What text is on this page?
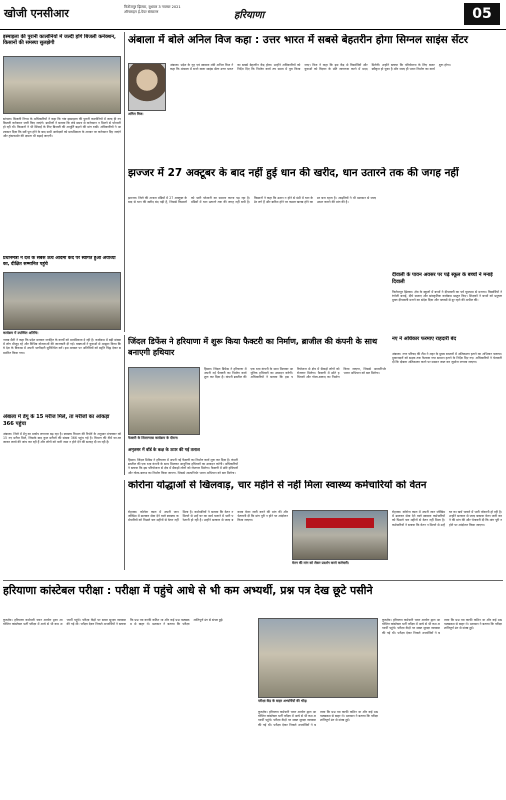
खोजी एनसीआर	फिरोजपुर झिरका, बुधवार 3 नवम्बर 2021
ऑनलाइन ई-पेपर संस्करण	हरियाणा	05
इस्माइला की पुरानी कालोनियों में जल्दी होंगे बिजली कनेक्शन, किसानों की समस्या सुलझेगी
सांपला। बिजली निगम के अधिकारियों ने कहा कि गांव इस्माइला की पुरानी कालोनियों में जल्द ही नए बिजली कनेक्शन जारी किए जाएंगे। ग्रामीणों ने बताया कि लंबे समय से कनेक्शन न मिलने से परेशानी हो रही थी। किसानों ने भी सिंचाई के लिए बिजली की आपूर्ति बढ़ाने की मांग रखी। अधिकारियों ने आश्वासन दिया कि सर्वे पूरा होने के बाद सभी आवेदकों को प्राथमिकता के आधार पर कनेक्शन दिए जाएंगे और ट्रांसफार्मर की क्षमता भी बढ़ाई जाएगी।
अंबाला में बोले अनिल विज कहा : उत्तर भारत में सबसे बेहतरीन होगा सिग्नल साइंस सेंटर
अनिल विज।
अंबाला। प्रदेश के गृह एवं स्वास्थ्य मंत्री अनिल विज ने कहा कि अंबाला में बनने वाला साइंस सेंटर उत्तर भारत का सबसे बेहतरीन केंद्र होगा। उन्होंने अधिकारियों को निर्देश दिए कि निर्माण कार्य तय समय में पूरा किया जाए। विज ने कहा कि इस केंद्र से विद्यार्थियों और युवाओं को विज्ञान के प्रति जागरूक करने में मदद मिलेगी। उन्होंने बताया कि परियोजना के लिए बजट स्वीकृत हो चुका है और जल्द ही भवन निर्माण का कार्य शुरू होगा।
प्रधानमंत्री ने देश के सबसे ऊंचे आदमी कद पर स्वागत हुआ अयोध्या का, दीक्षित सम्मानित पहुंचे
कार्यक्रम में उपस्थित अतिथि।
नायब सैनी ने कहा कि प्रदेश सरकार जनहित के कार्यों को प्राथमिकता दे रही है। कार्यक्रम में बड़ी संख्या में लोग मौजूद रहे और विभिन्न योजनाओं की जानकारी दी गई। वक्ताओं ने युवाओं से आह्वान किया कि वे देश के विकास में अपनी भागीदारी सुनिश्चित करें। इस अवसर पर अतिथियों को स्मृति चिह्न देकर सम्मानित किया गया।
झज्जर में 27 अक्टूबर के बाद नहीं हुई धान की खरीद, धान उतारने तक की जगह नहीं
झज्जर। जिले की अनाज मंडियों में 27 अक्टूबर के बाद से धान की खरीद बंद पड़ी है, जिससे किसानों को भारी परेशानी का सामना करना पड़ रहा है। मंडियों में धान उतारने तक की जगह नहीं बची है। किसानों ने कहा कि उठान न होने से मंडी में धान के ढेर लगे हैं और बारिश होने पर फसल खराब होने का डर बना रहता है। आढ़तियों ने भी प्रशासन से जल्द उठान कराने की मांग की है।
दीवाली के पावन अवसर पर पढ़े स्कूल के बच्चों ने मनाई दिवाली
फिरोजपुर झिरका। क्षेत्र के स्कूलों में बच्चों ने दीपावली का पर्व धूमधाम से मनाया। विद्यार्थियों ने रंगोली बनाई, दीये सजाए और सांस्कृतिक कार्यक्रम प्रस्तुत किए। शिक्षकों ने बच्चों को प्रदूषण मुक्त दीपावली मनाने का संदेश दिया और पटाखों से दूर रहने की अपील की।
जिंदल डिफेंस ने हरियाणा में शुरू किया फैक्टरी का निर्माण, ब्राजील की कंपनी के साथ बनाएगी हथियार
फैक्टरी के शिलान्यास कार्यक्रम के दौरान।
हिसार। जिंदल डिफेंस ने हरियाणा में अपनी नई फैक्टरी का निर्माण कार्य शुरू कर दिया है। कंपनी ब्राजील की एक रक्षा कंपनी के साथ मिलकर आधुनिक हथियारों का उत्पादन करेगी। अधिकारियों ने बताया कि इस परियोजना से क्षेत्र में सैकड़ों लोगों को रोजगार मिलेगा। फैक्टरी में छोटे हथियारों और गोला-बारूद का निर्माण किया जाएगा, जिससे आत्मनिर्भर भारत अभियान को बल मिलेगा।
अमृतसर में वॉर्ड के कक्ष के ऊपर की गई तलाश
हिसार। जिंदल डिफेंस ने हरियाणा में अपनी नई फैक्टरी का निर्माण कार्य शुरू कर दिया है। कंपनी ब्राजील की एक रक्षा कंपनी के साथ मिलकर आधुनिक हथियारों का उत्पादन करेगी। अधिकारियों ने बताया कि इस परियोजना से क्षेत्र में सैकड़ों लोगों को रोजगार मिलेगा। फैक्टरी में छोटे हथियारों और गोला-बारूद का निर्माण किया जाएगा, जिससे आत्मनिर्भर भारत अभियान को बल मिलेगा।
नए ने अधिकार फरमाए राहदारी बंद
अंबाला। नगर परिषद की टीम ने शहर के मुख्य बाजारों में अतिक्रमण हटाने का अभियान चलाया। दुकानदारों को सड़क तक फैलाया गया सामान हटाने के निर्देश दिए गए। अधिकारियों ने चेतावनी दी कि दोबारा अतिक्रमण करने पर सामान जब्त कर जुर्माना लगाया जाएगा।
कोरोना योद्धाओं से खिलवाड़, चार महीने से नहीं मिला स्वास्थ्य कर्मचारियों को वेतन
रोहतक। कोरोना काल में अपनी जान जोखिम में डालकर सेवा देने वाले स्वास्थ्य कर्मचारियों को पिछले चार महीनों से वेतन नहीं मिला है। कर्मचारियों ने बताया कि वेतन न मिलने से उन्हें घर का खर्च चलाने में भारी परेशानी हो रही है। उन्होंने सरकार से जल्द बकाया वेतन जारी करने की मांग की और चेतावनी दी कि मांग पूरी न होने पर आंदोलन किया जाएगा।
वेतन की मांग को लेकर प्रदर्शन करते कर्मचारी।
रोहतक। कोरोना काल में अपनी जान जोखिम में डालकर सेवा देने वाले स्वास्थ्य कर्मचारियों को पिछले चार महीनों से वेतन नहीं मिला है। कर्मचारियों ने बताया कि वेतन न मिलने से उन्हें घर का खर्च चलाने में भारी परेशानी हो रही है। उन्होंने सरकार से जल्द बकाया वेतन जारी करने की मांग की और चेतावनी दी कि मांग पूरी न होने पर आंदोलन किया जाएगा।
अंबाला में डेंगू के 15 मरीज मिले, ता मरीजों का आंकड़ा 366 पहुंचा
अंबाला। जिले में डेंगू का प्रकोप लगातार बढ़ रहा है। स्वास्थ्य विभाग की रिपोर्ट के अनुसार मंगलवार को 15 नए मरीज मिले, जिसके बाद कुल मरीजों की संख्या 366 पहुंच गई है। विभाग की टीमें घर-घर जाकर लार्वा की जांच कर रही हैं और लोगों को पानी जमा न होने देने की सलाह दी जा रही है।
हरियाणा कांस्टेबल परीक्षा : परीक्षा में पहुंचे आधे से भी कम अभ्यर्थी, प्रश्न पत्र देख छूटे पसीने
कुरुक्षेत्र। हरियाणा कर्मचारी चयन आयोग द्वारा आयोजित कांस्टेबल भर्ती परीक्षा में आधे से भी कम अभ्यर्थी पहुंचे। परीक्षा केंद्रों पर सख्त सुरक्षा व्यवस्था की गई थी। परीक्षा देकर निकले अभ्यर्थियों ने बताया कि प्रश्न पत्र काफी कठिन था और कई प्रश्न पाठ्यक्रम से बाहर थे। प्रशासन ने बताया कि परीक्षा शांतिपूर्ण ढंग से संपन्न हुई।
परीक्षा केंद्र के बाहर अभ्यर्थियों की भीड़।
कुरुक्षेत्र। हरियाणा कर्मचारी चयन आयोग द्वारा आयोजित कांस्टेबल भर्ती परीक्षा में आधे से भी कम अभ्यर्थी पहुंचे। परीक्षा केंद्रों पर सख्त सुरक्षा व्यवस्था की गई थी। परीक्षा देकर निकले अभ्यर्थियों ने बताया कि प्रश्न पत्र काफी कठिन था और कई प्रश्न पाठ्यक्रम से बाहर थे। प्रशासन ने बताया कि परीक्षा शांतिपूर्ण ढंग से संपन्न हुई।
कुरुक्षेत्र। हरियाणा कर्मचारी चयन आयोग द्वारा आयोजित कांस्टेबल भर्ती परीक्षा में आधे से भी कम अभ्यर्थी पहुंचे। परीक्षा केंद्रों पर सख्त सुरक्षा व्यवस्था की गई थी। परीक्षा देकर निकले अभ्यर्थियों ने बताया कि प्रश्न पत्र काफी कठिन था और कई प्रश्न पाठ्यक्रम से बाहर थे। प्रशासन ने बताया कि परीक्षा शांतिपूर्ण ढंग से संपन्न हुई।
